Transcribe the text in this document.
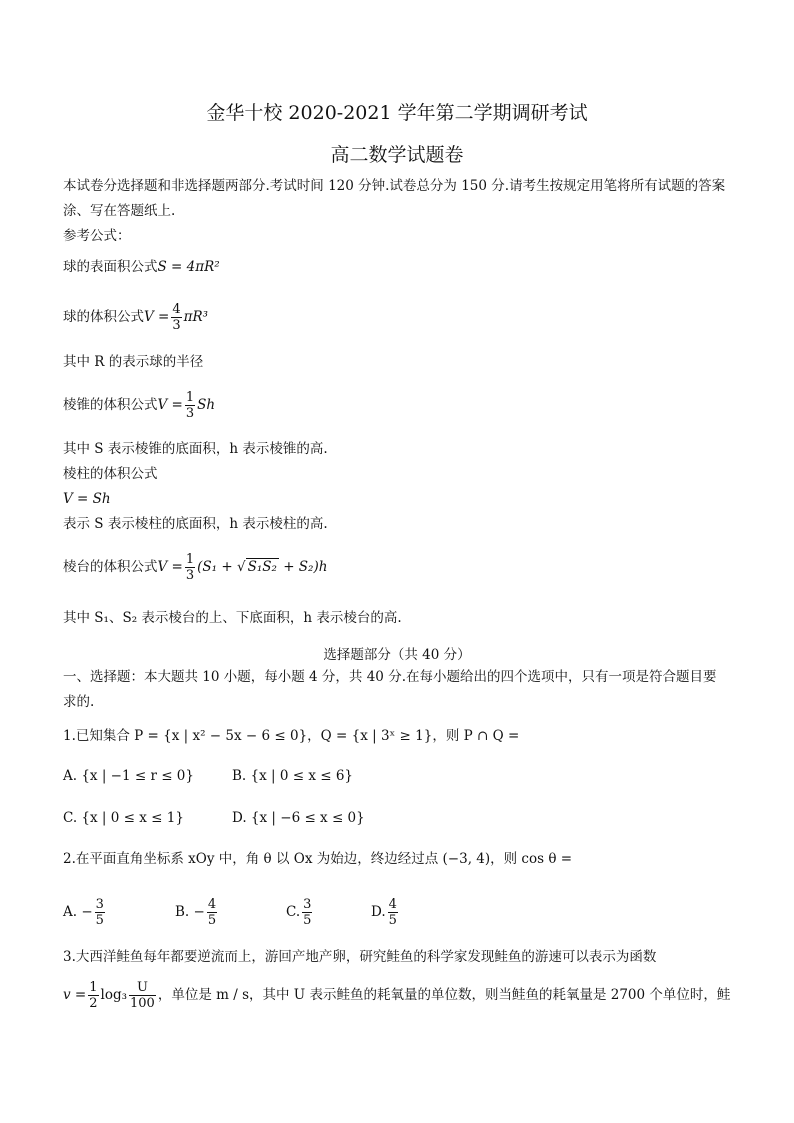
金华十校 2020-2021 学年第二学期调研考试
高二数学试题卷
本试卷分选择题和非选择题两部分.考试时间 120 分钟.试卷总分为 150 分.请考生按规定用笔将所有试题的答案
涂、写在答题纸上.
参考公式：
球的表面积公式S = 4πR²
球的体积公式$V = \frac{4}{3} \pi R^3$
其中 R 的表示球的半径
棱锥的体积公式$V = \frac{1}{3}$ Sh
其中 S 表示棱锥的底面积，h 表示棱锥的高.
棱柱的体积公式
V = Sh
表示 S 表示棱柱的底面积，h 表示棱柱的高.
棱台的体积公式$V = \frac{1}{3} (S_1$ + √ S₁S₂ + S₂)h
其中 S₁、S₂ 表示棱台的上、下底面积，h 表示棱台的高.
选择题部分（共 40 分）
一、选择题：本大题共 10 小题，每小题 4 分，共 40 分.在每小题给出的四个选项中，只有一项是符合题目要
求的.
1.已知集合 P = {x | x² − 5x − 6 ≤ 0}，Q = {x | 3ˣ ≥ 1}，则 P ∩ Q =
A. {x | −1 ≤ r ≤ 0}	B. {x | 0 ≤ x ≤ 6}
C. {x | 0 ≤ x ≤ 1}	D. {x | −6 ≤ x ≤ 0}
2.在平面直角坐标系 xOy 中，角 θ 以 Ox 为始边，终边经过点 (−3, 4)，则 cos θ =
A. − $\frac{3}{5}$	B. − $\frac{4}{5}$	C. $\frac{3}{5}$	D. $\frac{4}{5}$
3.大西洋鲑鱼每年都要逆流而上，游回产地产卵，研究鲑鱼的科学家发现鲑鱼的游速可以表示为函数
$v = \frac{1}{2} \log_3 \frac{U}{100}$ ，单位是 m / s，其中 U 表示鲑鱼的耗氧量的单位数，则当鲑鱼的耗氧量是 2700 个单位时，鲑
